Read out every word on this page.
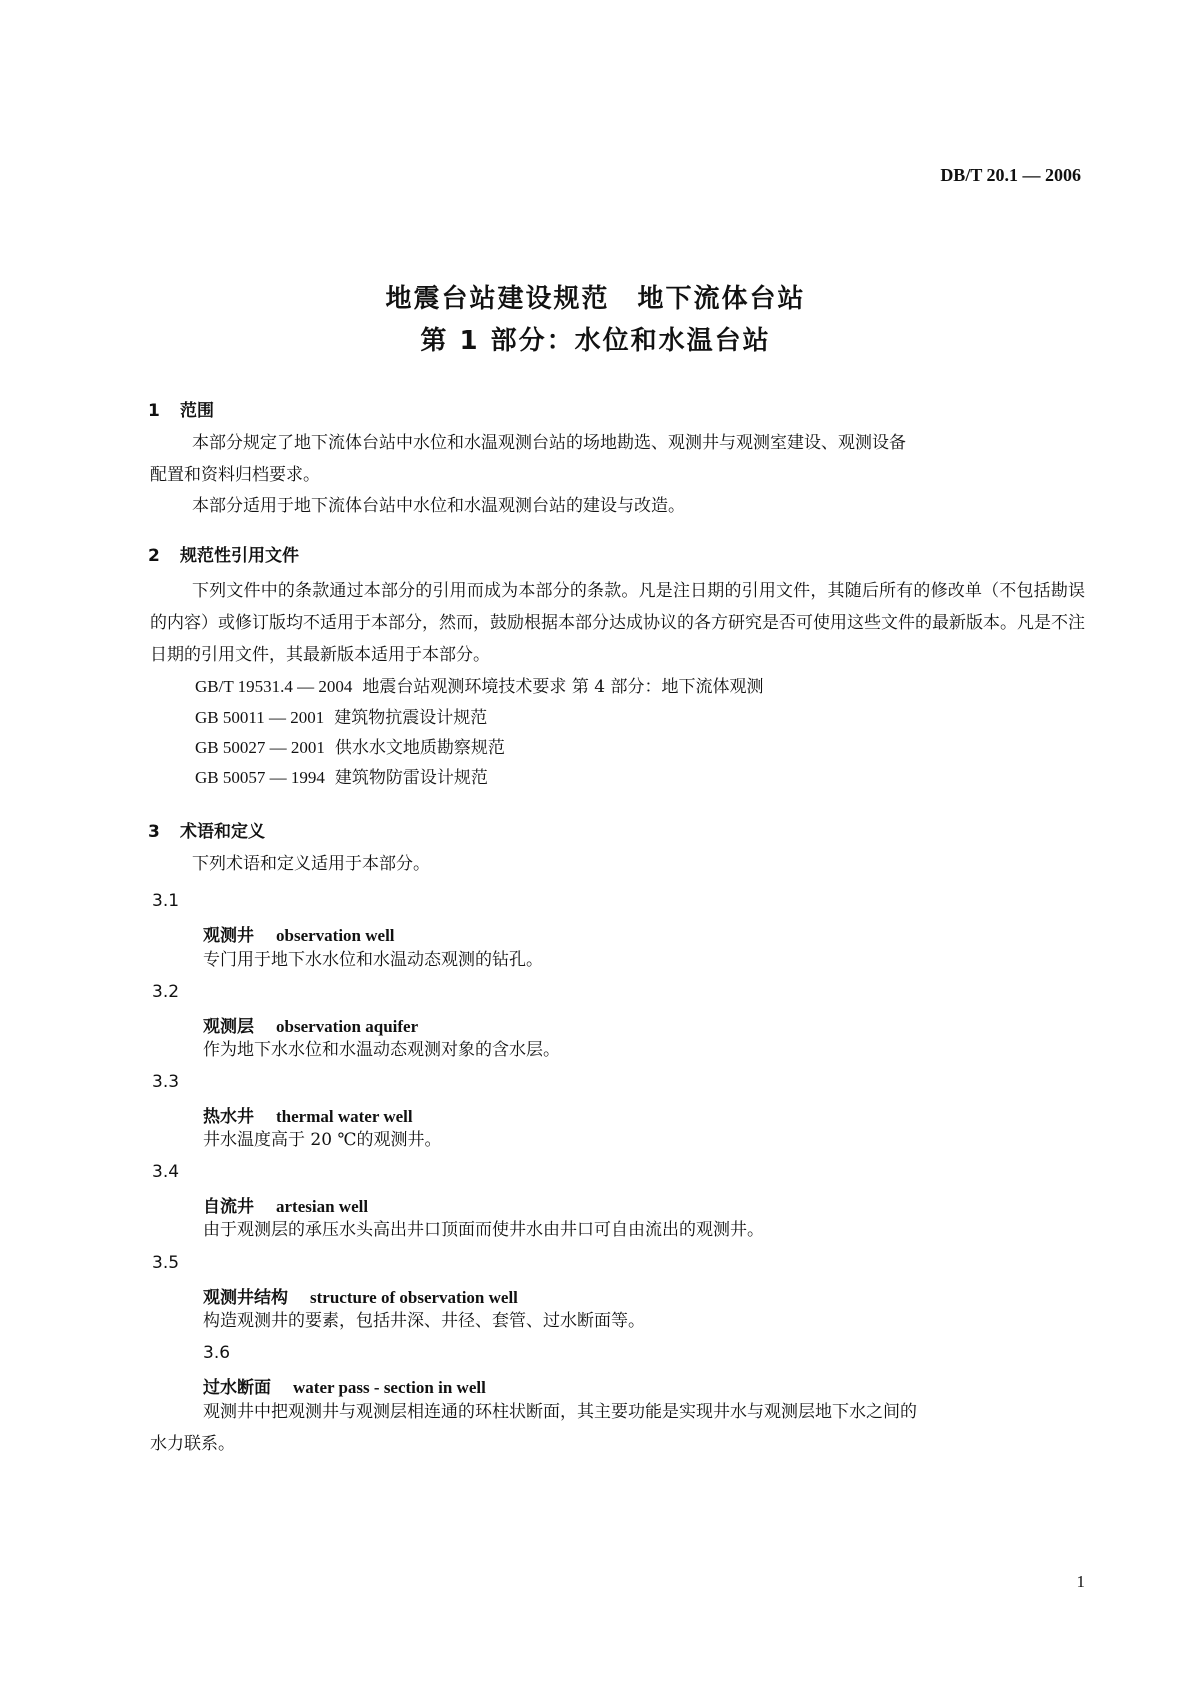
DB/T 20.1 — 2006
地震台站建设规范　地下流体台站
第 1 部分：水位和水温台站
1 范围
本部分规定了地下流体台站中水位和水温观测台站的场地勘选、观测井与观测室建设、观测设备
配置和资料归档要求。
本部分适用于地下流体台站中水位和水温观测台站的建设与改造。
2 规范性引用文件
下列文件中的条款通过本部分的引用而成为本部分的条款。凡是注日期的引用文件，其随后所有的修改单（不包括勘误的内容）或修订版均不适用于本部分，然而，鼓励根据本部分达成协议的各方研究是否可使用这些文件的最新版本。凡是不注日期的引用文件，其最新版本适用于本部分。
GB/T 19531.4 — 2004 地震台站观测环境技术要求 第 4 部分：地下流体观测
GB 50011 — 2001 建筑物抗震设计规范
GB 50027 — 2001 供水水文地质勘察规范
GB 50057 — 1994 建筑物防雷设计规范
3 术语和定义
下列术语和定义适用于本部分。
3.1
观测井 observation well
专门用于地下水水位和水温动态观测的钻孔。
3.2
观测层 observation aquifer
作为地下水水位和水温动态观测对象的含水层。
3.3
热水井 thermal water well
井水温度高于 20 ℃的观测井。
3.4
自流井 artesian well
由于观测层的承压水头高出井口顶面而使井水由井口可自由流出的观测井。
3.5
观测井结构 structure of observation well
构造观测井的要素，包括井深、井径、套管、过水断面等。
3.6
过水断面 water pass - section in well
观测井中把观测井与观测层相连通的环柱状断面，其主要功能是实现井水与观测层地下水之间的
水力联系。
1
